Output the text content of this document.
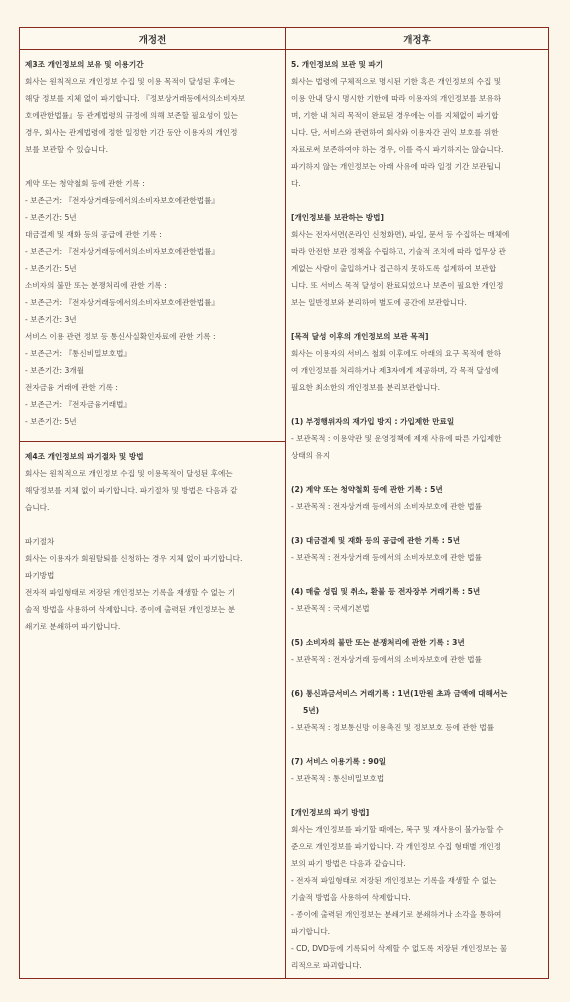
개정전	개정후
제3조 개인정보의 보유 및 이용기간
회사는 원칙적으로 개인정보 수집 및 이용 목적이 달성된 후에는
해당 정보를 지체 없이 파기합니다. 『정보상거래등에서의소비자보
호에관한법률』등 관계법령의 규정에 의해 보존할 필요성이 있는
경우, 회사는 관계법령에 정한 일정한 기간 동안 이용자의 개인정
보를 보관할 수 있습니다.
계약 또는 청약철회 등에 관한 기록 :
- 보존근거: 『전자상거래등에서의소비자보호에관한법률』
- 보존기간: 5년
대금결제 및 재화 등의 공급에 관한 기록 :
- 보존근거: 『전자상거래등에서의소비자보호에관한법률』
- 보존기간: 5년
소비자의 불만 또는 분쟁처리에 관한 기록 :
- 보존근거: 『전자상거래등에서의소비자보호에관한법률』
- 보존기간: 3년
서비스 이용 관련 정보 등 통신사실확인자료에 관한 기록 :
- 보존근거: 『통신비밀보호법』
- 보존기간: 3개월
전자금융 거래에 관한 기록 :
- 보존근거: 『전자금융거래법』
- 보존기간: 5년
제4조 개인정보의 파기절차 및 방법
회사는 원칙적으로 개인정보 수집 및 이용목적이 달성된 후에는
해당정보를 지체 없이 파기합니다. 파기절차 및 방법은 다음과 같
습니다.
파기절차
회사는 이용자가 회원탈퇴를 신청하는 경우 지체 없이 파기합니다.
파기방법
전자적 파일형태로 저장된 개인정보는 기록을 재생할 수 없는 기
술적 방법을 사용하여 삭제합니다. 종이에 출력된 개인정보는 분
쇄기로 분쇄하여 파기합니다.
5. 개인정보의 보관 및 파기
회사는 법령에 구체적으로 명시된 기한 혹은 개인정보의 수집 및
이용 안내 당시 명시한 기한에 따라 이용자의 개인정보를 보유하
며, 기한 내 처리 목적이 완료된 경우에는 이를 지체없이 파기합
니다. 단, 서비스와 관련하여 회사와 이용자간 권익 보호를 위한
자료로써 보존하여야 하는 경우, 이를 즉시 파기하지는 않습니다.
파기하지 않는 개인정보는 아래 사유에 따라 일정 기간 보관됩니
다.
[개인정보를 보관하는 방법]
회사는 전자서면(온라인 신청화면), 파일, 문서 등 수집하는 매체에
따라 안전한 보관 정책을 수립하고, 기술적 조치에 따라 업무상 관
계없는 사람이 출입하거나 접근하지 못하도록 설계하여 보관합
니다. 또 서비스 목적 달성이 완료되었으나 보존이 필요한 개인정
보는 일반정보와 분리하여 별도에 공간에 보관합니다.
[목적 달성 이후의 개인정보의 보관 목적]
회사는 이용자의 서비스 철회 이후에도 아래의 요구 목적에 한하
여 개인정보를 처리하거나 제3자에게 제공하며, 각 목적 달성에
필요한 최소한의 개인정보를 분리보관합니다.
(1) 부정행위자의 재가입 방지 : 가입제한 만료일
- 보관목적 : 이용약관 및 운영정책에 제재 사유에 따른 가입제한
상태의 유지
(2) 계약 또는 청약철회 등에 관한 기록 : 5년
- 보관목적 : 전자상거래 등에서의 소비자보호에 관한 법률
(3) 대금결제 및 재화 등의 공급에 관한 기록 : 5년
- 보관목적 : 전자상거래 등에서의 소비자보호에 관한 법률
(4) 매출 성립 및 취소, 환불 등 전자장부 거래기록 : 5년
- 보관목적 : 국세기본법
(5) 소비자의 불만 또는 분쟁처리에 관한 기록 : 3년
- 보관목적 : 전자상거래 등에서의 소비자보호에 관한 법률
(6) 통신과금서비스 거래기록 : 1년(1만원 초과 금액에 대해서는
5년)
- 보관목적 : 정보통신망 이용촉진 및 정보보호 등에 관한 법률
(7) 서비스 이용기록 : 90일
- 보관목적 : 통신비밀보호법
[개인정보의 파기 방법]
회사는 개인정보를 파기할 때에는, 복구 및 재사용이 불가능할 수
준으로 개인정보를 파기합니다. 각 개인정보 수집 형태별 개인정
보의 파기 방법은 다음과 같습니다.
- 전자적 파일형태로 저장된 개인정보는 기록을 재생할 수 없는
기술적 방법을 사용하여 삭제합니다.
- 종이에 출력된 개인정보는 분쇄기로 분쇄하거나 소각을 통하여
파기합니다.
- CD, DVD등에 기록되어 삭제할 수 없도록 저장된 개인정보는 물
리적으로 파괴합니다.
